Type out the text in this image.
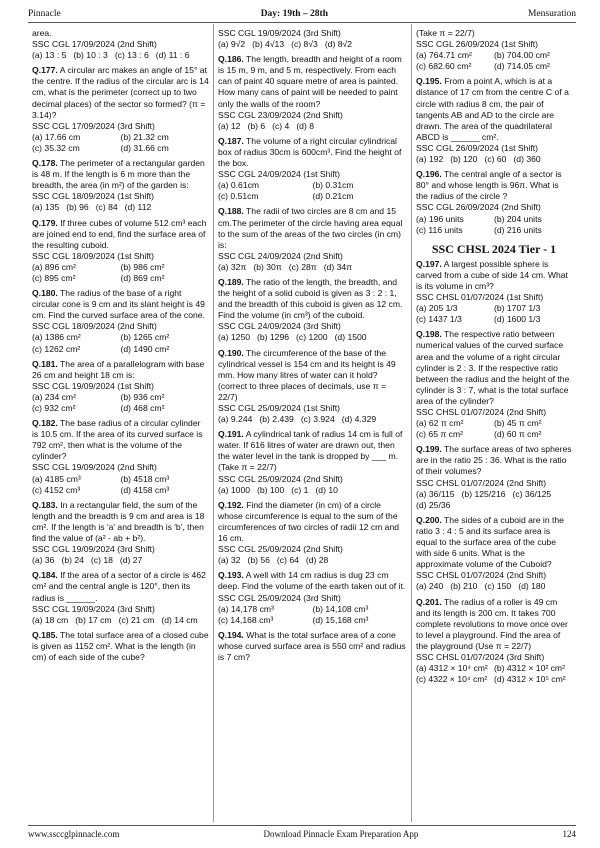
Pinnacle	Day: 19th – 28th	Mensuration

area.

SSC CGL 17/09/2024 (2nd Shift)

(a) 13 : 5 (b) 10 : 3 (c) 13 : 6 (d) 11 : 6

Q.177. A circular arc makes an angle of 15° at the centre. If the radius of the circular arc is 14 cm, what is the perimeter (correct up to two decimal places) of the sector so formed? (π = 3.14)?

SSC CGL 17/09/2024 (3rd Shift)

(a) 17.66 cm	(b) 21.32 cm
(c) 35.32 cm	(d) 31.66 cm

Q.178. The perimeter of a rectangular garden is 48 m. If the length is 6 m more than the breadth, the area (in m²) of the garden is:

SSC CGL 18/09/2024 (1st Shift)

(a) 135 (b) 96 (c) 84 (d) 112

Q.179. If three cubes of volume 512 cm³ each are joined end to end, find the surface area of the resulting cuboid.

SSC CGL 18/09/2024 (1st Shift)

(a) 896 cm²	(b) 986 cm²
(c) 895 cm²	(d) 869 cm²

Q.180. The radius of the base of a right circular cone is 9 cm and its slant height is 49 cm. Find the curved surface area of the cone.

SSC CGL 18/09/2024 (2nd Shift)

(a) 1386 cm²	(b) 1265 cm²
(c) 1262 cm²	(d) 1490 cm²

Q.181. The area of a parallelogram with base 26 cm and height 18 cm is:

SSC CGL 19/09/2024 (1st Shift)

(a) 234 cm²	(b) 936 cm²
(c) 932 cm²	(d) 468 cm²

Q.182. The base radius of a circular cylinder is 10.5 cm. If the area of its curved surface is 792 cm², then what is the volume of the cylinder?

SSC CGL 19/09/2024 (2nd Shift)

(a) 4185 cm³	(b) 4518 cm³
(c) 4152 cm³	(d) 4158 cm³

Q.183. In a rectangular field, the sum of the length and the breadth is 9 cm and area is 18 cm². If the length is 'a' and breadth is 'b', then find the value of (a² - ab + b²).

SSC CGL 19/09/2024 (3rd Shift)

(a) 36 (b) 24 (c) 18 (d) 27

Q.184. If the area of a sector of a circle is 462 cm² and the central angle is 120°, then its radius is ______.

SSC CGL 19/09/2024 (3rd Shift)

(a) 18 cm (b) 17 cm (c) 21 cm (d) 14 cm

Q.185. The total surface area of a closed cube is given as 1152 cm². What is the length (in cm) of each side of the cube?

SSC CGL 19/09/2024 (3rd Shift)

(a) 9√2 (b) 4√13 (c) 8√3 (d) 8√2

Q.186. The length, breadth and height of a room is 15 m, 9 m, and 5 m, respectively. From each can of paint 40 square metre of area is painted. How many cans of paint will be needed to paint only the walls of the room?

SSC CGL 23/09/2024 (2nd Shift)

(a) 12 (b) 6 (c) 4 (d) 8

Q.187. The volume of a right circular cylindrical box of radius 30cm is 600cm³. Find the height of the box.

SSC CGL 24/09/2024 (1st Shift)

(a) 0.61cm	(b) 0.31cm
(c) 0.51cm	(d) 0.21cm

Q.188. The radii of two circles are 8 cm and 15 cm.The perimeter of the circle having area equal to the sum of the areas of the two circles (in cm) is:

SSC CGL 24/09/2024 (2nd Shift)

(a) 32π (b) 30π (c) 28π (d) 34π

Q.189. The ratio of the length, the breadth, and the height of a solid cuboid is given as 3 : 2 : 1, and the breadth of this cuboid is given as 12 cm. Find the volume (in cm³) of the cuboid.

SSC CGL 24/09/2024 (3rd Shift)

(a) 1250 (b) 1296 (c) 1200 (d) 1500

Q.190. The circumference of the base of the cylindrical vessel is 154 cm and its height is 49 mm. How many litres of water can it hold? (correct to three places of decimals, use π = 22/7)

SSC CGL 25/09/2024 (1st Shift)

(a) 9.244 (b) 2.439 (c) 3.924 (d) 4.329

Q.191. A cylindrical tank of radius 14 cm is full of water. If 616 litres of water are drawn out, then the water level in the tank is dropped by ___ m. (Take π = 22/7)

SSC CGL 25/09/2024 (2nd Shift)

(a) 1000 (b) 100 (c) 1 (d) 10

Q.192. Find the diameter (in cm) of a circle whose circumference is equal to the sum of the circumferences of two circles of radii 12 cm and 16 cm.

SSC CGL 25/09/2024 (2nd Shift)

(a) 32 (b) 56 (c) 64 (d) 28

Q.193. A well with 14 cm radius is dug 23 cm deep. Find the volume of the earth taken out of it.

SSC CGL 25/09/2024 (3rd Shift)

(a) 14,178 cm³	(b) 14,108 cm³
(c) 14,168 cm³	(d) 15,168 cm³

Q.194. What is the total surface area of a cone whose curved surface area is 550 cm² and radius is 7 cm?

(Take π = 22/7)

SSC CGL 26/09/2024 (1st Shift)

(a) 764.71 cm²	(b) 704.00 cm²
(c) 682.60 cm²	(d) 714.05 cm²

Q.195. From a point A, which is at a distance of 17 cm from the centre C of a circle with radius 8 cm, the pair of tangents AB and AD to the circle are drawn. The area of the quadrilateral ABCD is ______ cm².

SSC CGL 26/09/2024 (1st Shift)

(a) 192 (b) 120 (c) 60 (d) 360

Q.196. The central angle of a sector is 80° and whose length is 96π. What is the radius of the circle ?

SSC CGL 26/09/2024 (2nd Shift)

(a) 196 units	(b) 204 units
(c) 116 units	(d) 216 units
SSC CHSL 2024 Tier - 1

Q.197. A largest possible sphere is carved from a cube of side 14 cm. What is its volume in cm³?

SSC CHSL 01/07/2024 (1st Shift)

(a) 205 1/3	(b) 1707 1/3
(c) 1437 1/3	(d) 1600 1/3

Q.198. The respective ratio between numerical values of the curved surface area and the volume of a right circular cylinder is 2 : 3. If the respective ratio between the radius and the height of the cylinder is 3 : 7, what is the total surface area of the cylinder?

SSC CHSL 01/07/2024 (2nd Shift)

(a) 62 π cm²	(b) 45 π cm²
(c) 65 π cm²	(d) 60 π cm²

Q.199. The surface areas of two spheres are in the ratio 25 : 36. What is the ratio of their volumes?

SSC CHSL 01/07/2024 (2nd Shift)

(a) 36/115 (b) 125/216 (c) 36/125
(d) 25/36

Q.200. The sides of a cuboid are in the ratio 3 : 4 : 5 and its surface area is equal to the surface area of the cube with side 6 units. What is the approximate volume of the Cuboid?

SSC CHSL 01/07/2024 (2nd Shift)

(a) 240 (b) 210 (c) 150 (d) 180

Q.201. The radius of a roller is 49 cm and its length is 200 cm. It takes 700 complete revolutions to move once over to level a playground. Find the area of the playground (Use π = 22/7)

SSC CHSL 01/07/2024 (3rd Shift)

(a) 4312 × 10⁴ cm² (b) 4312 × 10² cm²
(c) 4322 × 10⁴ cm² (d) 4312 × 10⁵ cm²
www.ssccglpinnacle.com	Download Pinnacle Exam Preparation App	124
